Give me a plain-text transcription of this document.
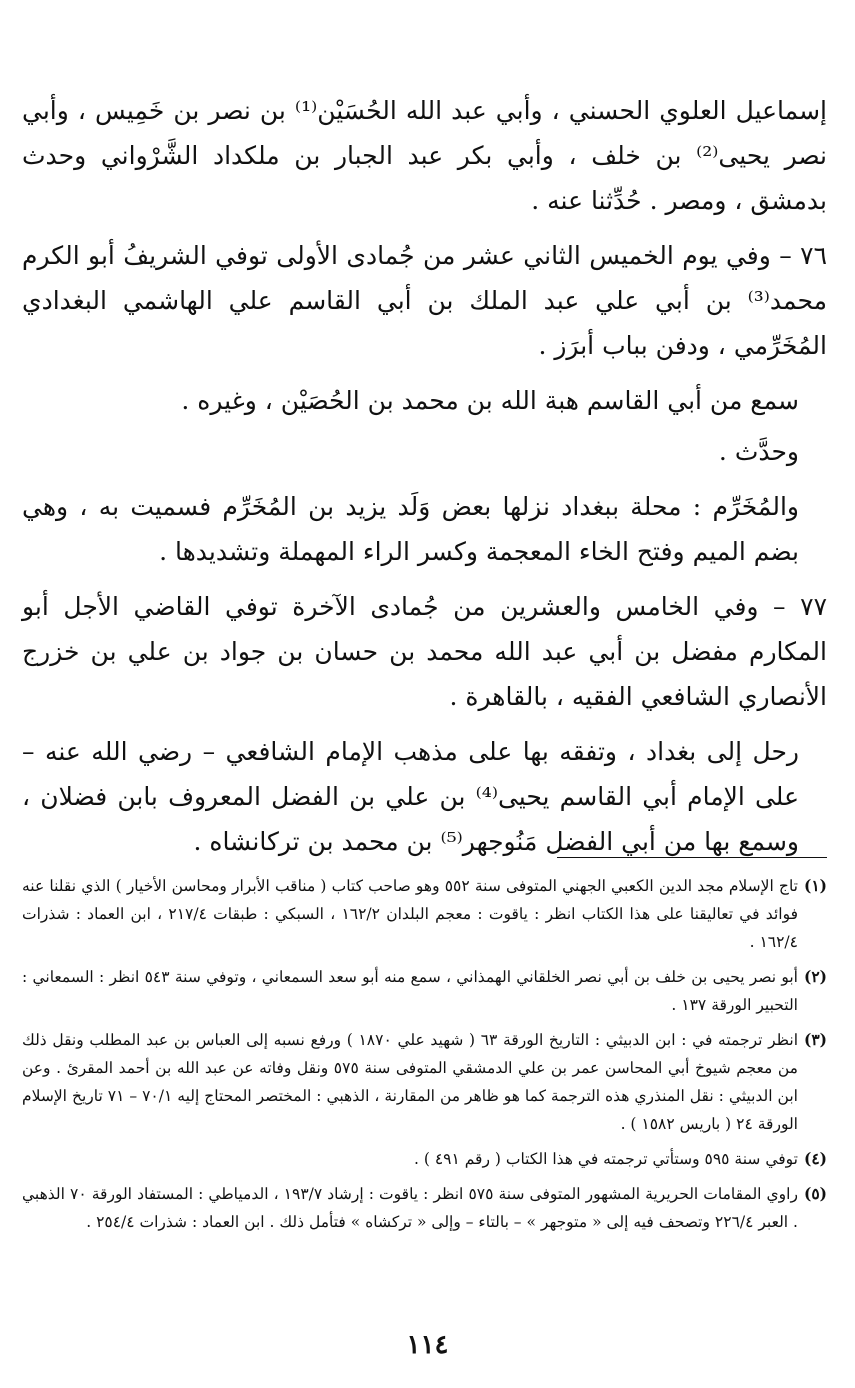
إسماعيل العلوي الحسني ، وأبي عبد الله الحُسَيْن⁽¹⁾ بن نصر بن خَمِيس ، وأبي نصر يحيى⁽²⁾ بن خلف ، وأبي بكر عبد الجبار بن ملكداد الشَّرْواني وحدث بدمشق ، ومصر . حُدِّثنا عنه .

٧٦ – وفي يوم الخميس الثاني عشر من جُمادى الأولى توفي الشريفُ أبو الكرم محمد⁽³⁾ بن أبي علي عبد الملك بن أبي القاسم علي الهاشمي البغدادي المُخَرِّمي ، ودفن بباب أبرَز .

سمع من أبي القاسم هبة الله بن محمد بن الحُصَيْن ، وغيره .

وحدَّث .

والمُخَرِّم : محلة ببغداد نزلها بعض وَلَد يزيد بن المُخَرِّم فسميت به ، وهي بضم الميم وفتح الخاء المعجمة وكسر الراء المهملة وتشديدها .

٧٧ – وفي الخامس والعشرين من جُمادى الآخرة توفي القاضي الأجل أبو المكارم مفضل بن أبي عبد الله محمد بن حسان بن جواد بن علي بن خزرج الأنصاري الشافعي الفقيه ، بالقاهرة .

رحل إلى بغداد ، وتفقه بها على مذهب الإمام الشافعي – رضي الله عنه – على الإمام أبي القاسم يحيى⁽⁴⁾ بن علي بن الفضل المعروف بابن فضلان ، وسمع بها من أبي الفضل مَنُوجهر⁽⁵⁾ بن محمد بن تركانشاه .

(١)
تاج الإسلام مجد الدين الكعبي الجهني المتوفى سنة ٥٥٢ وهو صاحب كتاب ( مناقب الأبرار ومحاسن الأخيار ) الذي نقلنا عنه فوائد في تعاليقنا على هذا الكتاب انظر : ياقوت : معجم البلدان ١٦٢/٢ ، السبكي : طبقات ٢١٧/٤ ، ابن العماد : شذرات ١٦٢/٤ .
(٢)
أبو نصر يحيى بن خلف بن أبي نصر الخلقاني الهمذاني ، سمع منه أبو سعد السمعاني ، وتوفي سنة ٥٤٣ انظر : السمعاني : التحبير الورقة ١٣٧ .
(٣)
انظر ترجمته في : ابن الدبيثي : التاريخ الورقة ٦٣ ( شهيد علي ١٨٧٠ ) ورفع نسبه إلى العباس بن عبد المطلب ونقل ذلك من معجم شيوخ أبي المحاسن عمر بن علي الدمشقي المتوفى سنة ٥٧٥ ونقل وفاته عن عبد الله بن أحمد المقرئ . وعن ابن الدبيثي : نقل المنذري هذه الترجمة كما هو ظاهر من المقارنة ، الذهبي : المختصر المحتاج إليه ٧٠/١ – ٧١ تاريخ الإسلام الورقة ٢٤ ( باريس ١٥٨٢ ) .
(٤)
توفي سنة ٥٩٥ وستأتي ترجمته في هذا الكتاب ( رقم ٤٩١ ) .
(٥)
راوي المقامات الحريرية المشهور المتوفى سنة ٥٧٥ انظر : ياقوت : إرشاد ١٩٣/٧ ، الدمياطي : المستفاد الورقة ٧٠ الذهبي . العبر ٢٢٦/٤ وتصحف فيه إلى « متوجهر » – بالتاء – وإلى « تركشاه » فتأمل ذلك . ابن العماد : شذرات ٢٥٤/٤ .
١١٤
